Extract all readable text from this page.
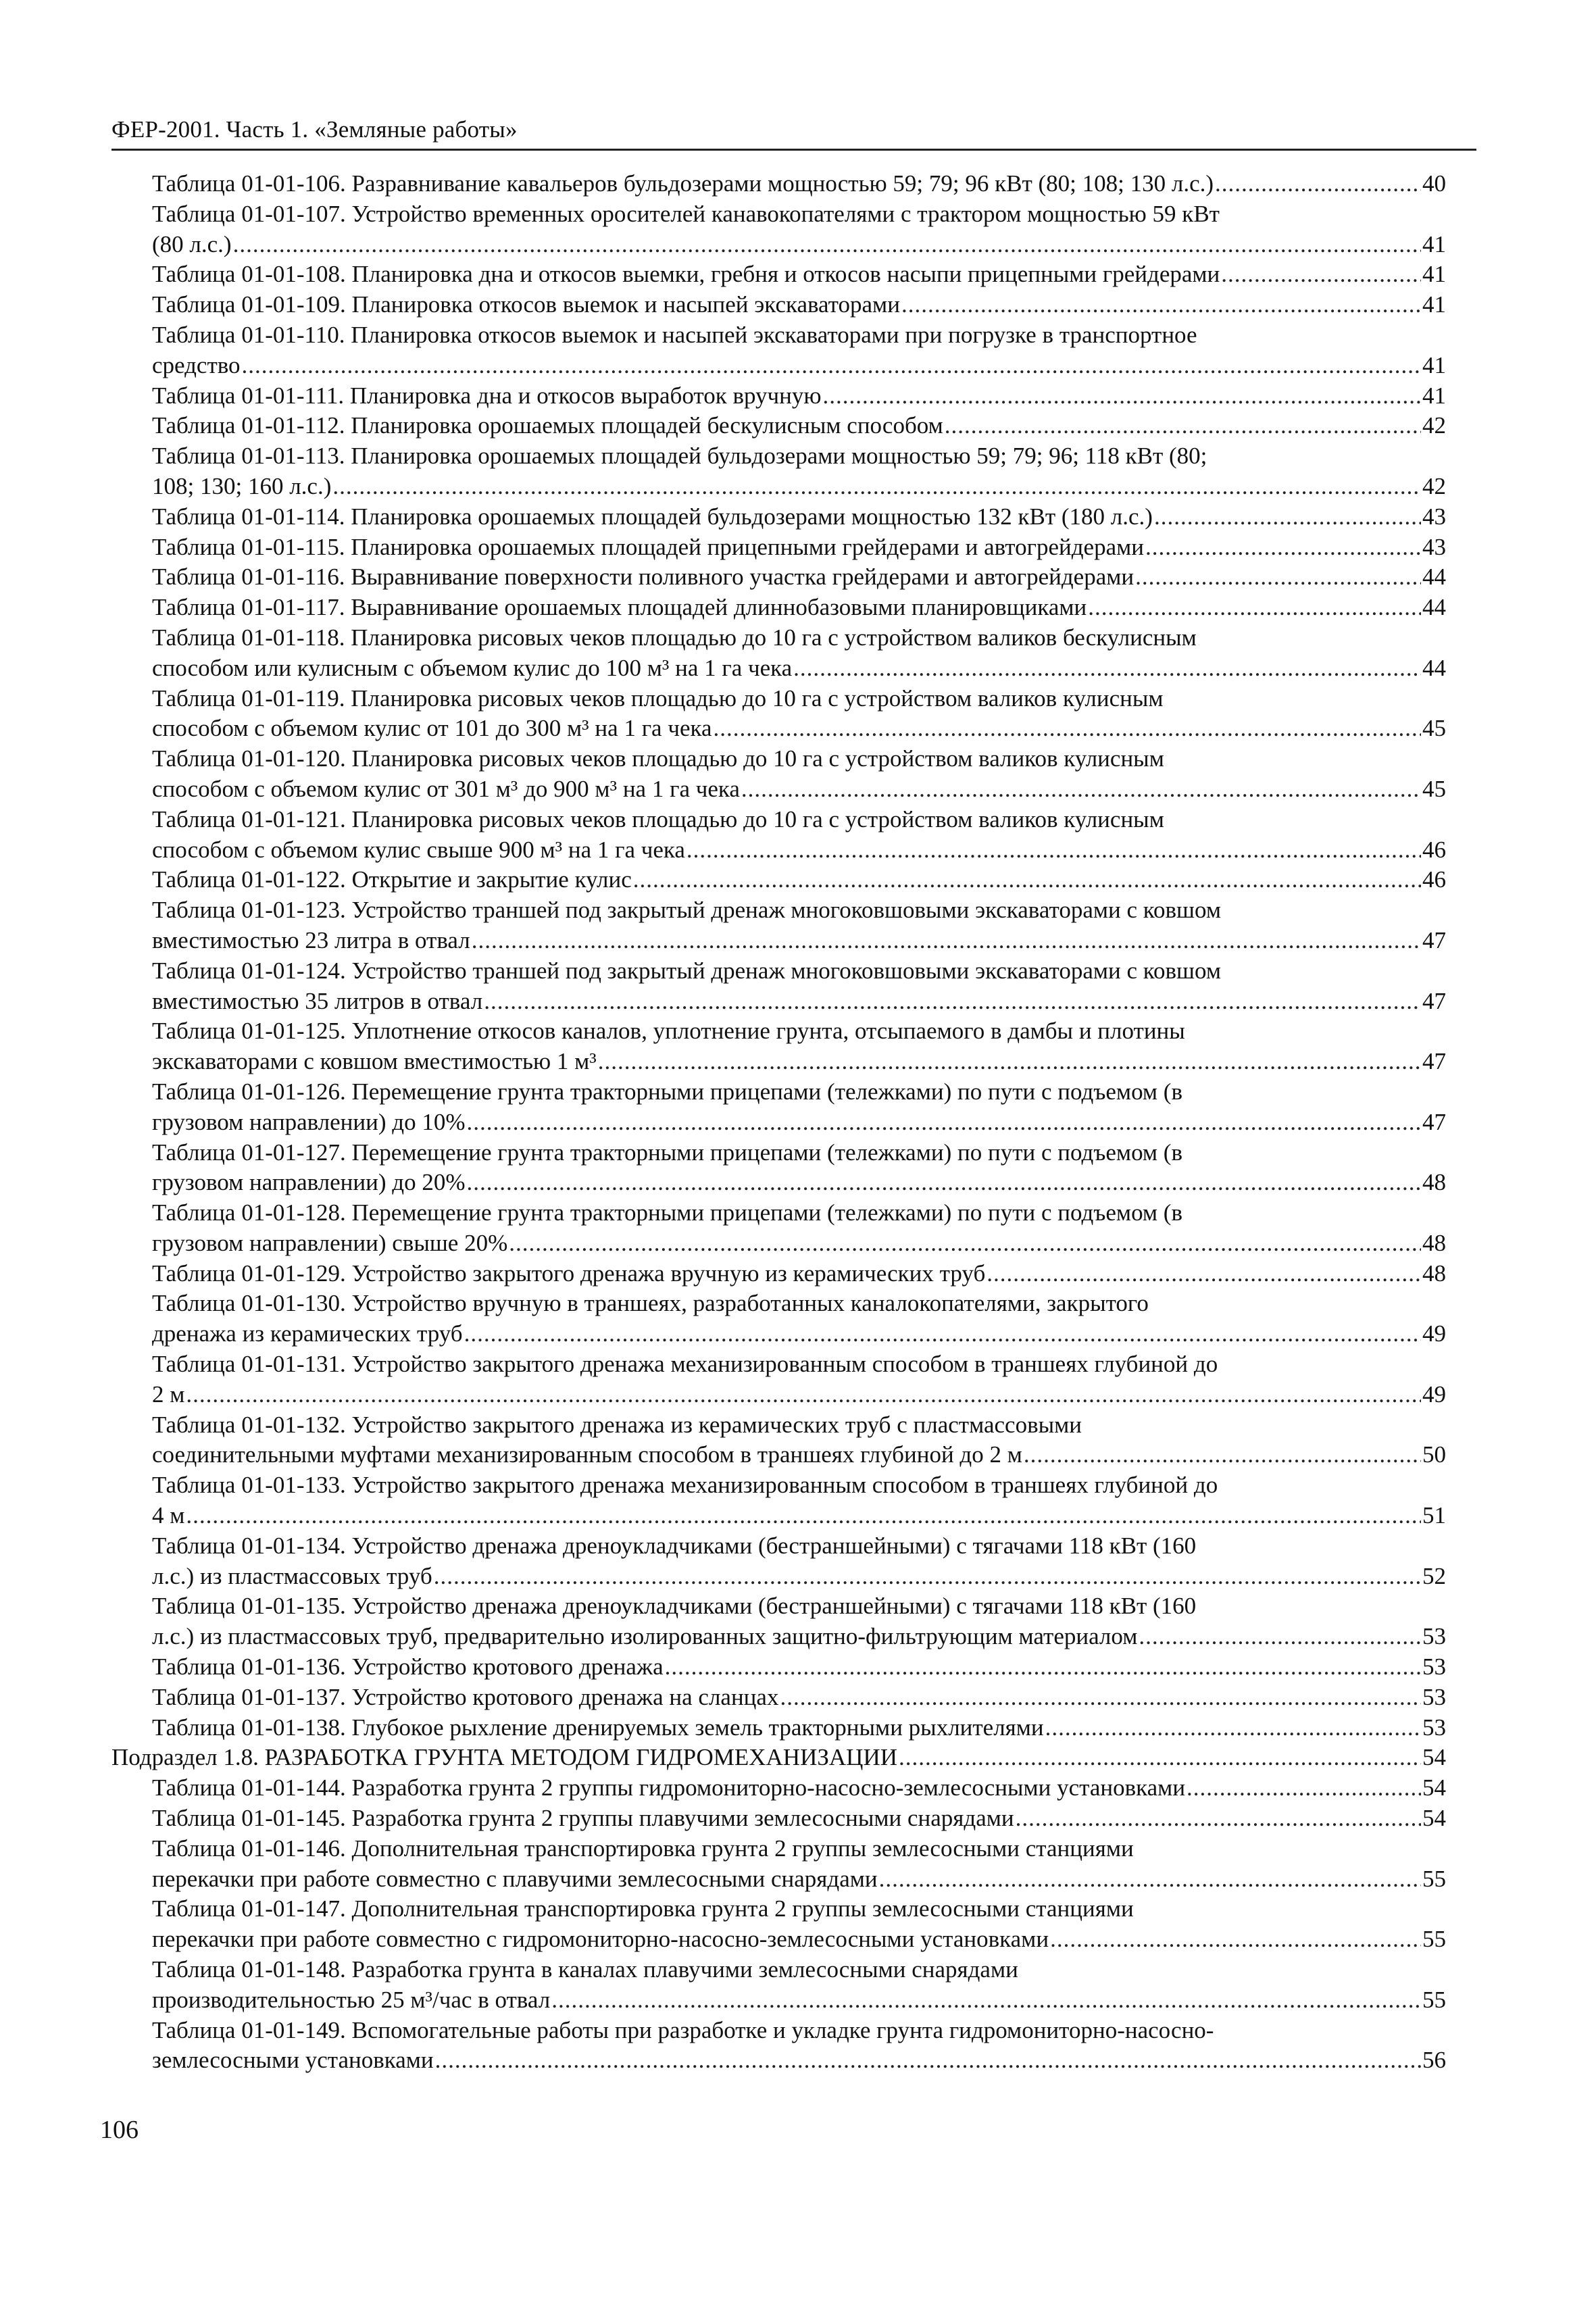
ФЕР-2001. Часть 1. «Земляные работы»
Таблица 01-01-106. Разравнивание кавальеров бульдозерами мощностью 59; 79; 96 кВт (80; 108; 130 л.с.) .....	40
Таблица 01-01-107. Устройство временных оросителей канавокопателями с трактором мощностью 59 кВт
(80 л.с.) .....	41
Таблица 01-01-108. Планировка дна и откосов выемки, гребня и откосов насыпи прицепными грейдерами .....	41
Таблица 01-01-109. Планировка откосов выемок и насыпей экскаваторами .....	41
Таблица 01-01-110. Планировка откосов выемок и насыпей экскаваторами при погрузке в транспортное
средство .....	41
Таблица 01-01-111. Планировка дна и откосов выработок вручную .....	41
Таблица 01-01-112. Планировка орошаемых площадей бескулисным способом .....	42
Таблица 01-01-113. Планировка орошаемых площадей бульдозерами мощностью 59; 79; 96; 118 кВт (80;
108; 130; 160 л.с.) .....	42
Таблица 01-01-114. Планировка орошаемых площадей бульдозерами мощностью 132 кВт (180 л.с.) .....	43
Таблица 01-01-115. Планировка орошаемых площадей прицепными грейдерами и автогрейдерами .....	43
Таблица 01-01-116. Выравнивание поверхности поливного участка грейдерами и автогрейдерами .....	44
Таблица 01-01-117. Выравнивание орошаемых площадей длиннобазовыми планировщиками .....	44
Таблица 01-01-118. Планировка рисовых чеков площадью до 10 га с устройством валиков бескулисным
способом или кулисным с объемом кулис до 100 м³ на 1 га чека .....	44
Таблица 01-01-119. Планировка рисовых чеков площадью до 10 га с устройством валиков кулисным
способом с объемом кулис от 101 до 300 м³ на 1 га чека .....	45
Таблица 01-01-120. Планировка рисовых чеков площадью до 10 га с устройством валиков кулисным
способом с объемом кулис от 301 м³ до 900 м³ на 1 га чека .....	45
Таблица 01-01-121. Планировка рисовых чеков площадью до 10 га с устройством валиков кулисным
способом с объемом кулис свыше 900 м³ на 1 га чека .....	46
Таблица 01-01-122. Открытие и закрытие кулис .....	46
Таблица 01-01-123. Устройство траншей под закрытый дренаж многоковшовыми экскаваторами с ковшом
вместимостью 23 литра в отвал .....	47
Таблица 01-01-124. Устройство траншей под закрытый дренаж многоковшовыми экскаваторами с ковшом
вместимостью 35 литров в отвал .....	47
Таблица 01-01-125. Уплотнение откосов каналов, уплотнение грунта, отсыпаемого в дамбы и плотины
экскаваторами с ковшом вместимостью 1 м³ .....	47
Таблица 01-01-126. Перемещение грунта тракторными прицепами (тележками) по пути с подъемом (в
грузовом направлении) до 10% .....	47
Таблица 01-01-127. Перемещение грунта тракторными прицепами (тележками) по пути с подъемом (в
грузовом направлении) до 20% .....	48
Таблица 01-01-128. Перемещение грунта тракторными прицепами (тележками) по пути с подъемом (в
грузовом направлении) свыше 20% .....	48
Таблица 01-01-129. Устройство закрытого дренажа вручную из керамических труб .....	48
Таблица 01-01-130. Устройство вручную в траншеях, разработанных каналокопателями, закрытого
дренажа из керамических труб .....	49
Таблица 01-01-131. Устройство закрытого дренажа механизированным способом в траншеях глубиной до
2 м .....	49
Таблица 01-01-132. Устройство закрытого дренажа из керамических труб с пластмассовыми
соединительными муфтами механизированным способом в траншеях глубиной до 2 м .....	50
Таблица 01-01-133. Устройство закрытого дренажа механизированным способом в траншеях глубиной до
4 м .....	51
Таблица 01-01-134. Устройство дренажа дреноукладчиками (бестраншейными) с тягачами 118 кВт (160
л.с.) из пластмассовых труб .....	52
Таблица 01-01-135. Устройство дренажа дреноукладчиками (бестраншейными) с тягачами 118 кВт (160
л.с.) из пластмассовых труб, предварительно изолированных защитно-фильтрующим материалом .....	53
Таблица 01-01-136. Устройство кротового дренажа .....	53
Таблица 01-01-137. Устройство кротового дренажа на сланцах .....	53
Таблица 01-01-138. Глубокое рыхление дренируемых земель тракторными рыхлителями .....	53
Подраздел 1.8. РАЗРАБОТКА ГРУНТА МЕТОДОМ ГИДРОМЕХАНИЗАЦИИ .....	54
Таблица 01-01-144. Разработка грунта 2 группы гидромониторно-насосно-землесосными установками .....	54
Таблица 01-01-145. Разработка грунта 2 группы плавучими землесосными снарядами .....	54
Таблица 01-01-146. Дополнительная транспортировка грунта 2 группы землесосными станциями
перекачки при работе совместно с плавучими землесосными снарядами .....	55
Таблица 01-01-147. Дополнительная транспортировка грунта 2 группы землесосными станциями
перекачки при работе совместно с гидромониторно-насосно-землесосными установками .....	55
Таблица 01-01-148. Разработка грунта в каналах плавучими землесосными снарядами
производительностью 25 м³/час в отвал .....	55
Таблица 01-01-149. Вспомогательные работы при разработке и укладке грунта гидромониторно-насосно-
землесосными установками .....	56
106
